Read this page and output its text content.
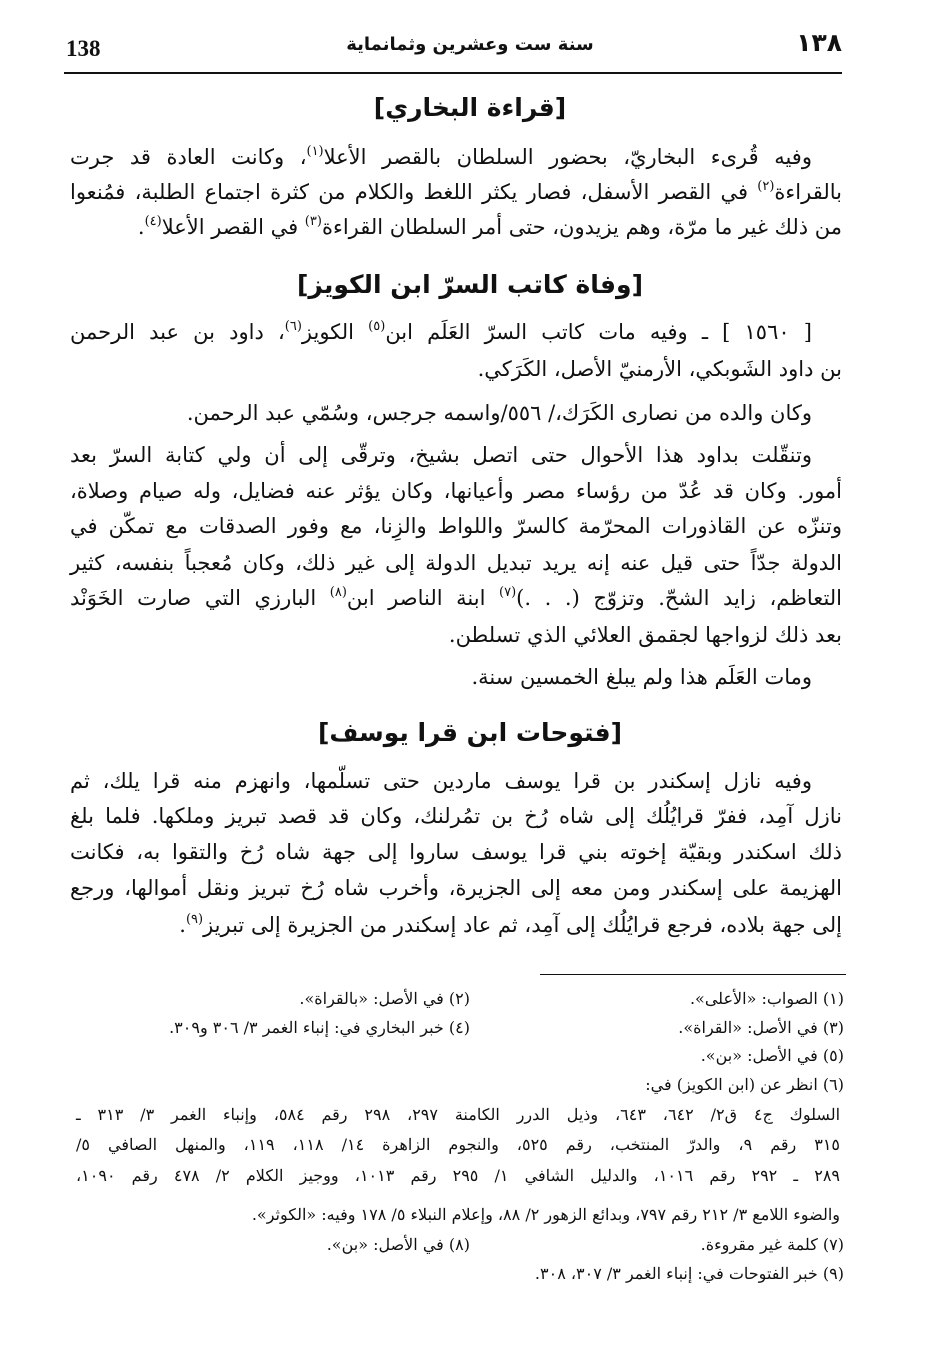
138	سنة ست وعشرين وثمانماية	١٣٨
[قراءة البخاري]
وفيه قُرىء البخاريّ، بحضور السلطان بالقصر الأعلا$^{(١)}$، وكانت العادة قد جرت
بالقراءة$^{(٢)}$ في القصر الأسفل، فصار يكثر اللغط والكلام من كثرة اجتماع الطلبة، فمُنعوا
من ذلك غير ما مرّة، وهم يزيدون، حتى أمر السلطان القراءة$^{(٣)}$ في القصر الأعلا$^{(٤)}$.
[وفاة كاتب السرّ ابن الكويز]
[ ١٥٦٠ ] ـ وفيه مات كاتب السرّ العَلَم ابن$^{(٥)}$ الكويز$^{(٦)}$، داود بن عبد الرحمن
بن داود الشَوبكي، الأرمنيّ الأصل، الكَرَكي.
وكان والده من نصارى الكَرَك،/ ٥٥٦/واسمه جرجس، وسُمّي عبد الرحمن.
وتنقّلت بداود هذا الأحوال حتى اتصل بشيخ، وترقّى إلى أن ولي كتابة السرّ بعد
أمور. وكان قد عُدّ من رؤساء مصر وأعيانها، وكان يؤثر عنه فضايل، وله صيام وصلاة،
وتنزّه عن القاذورات المحرّمة كالسرّ واللواط والزِنا، مع وفور الصدقات مع تمكّن في
الدولة جدّاً حتى قيل عنه إنه يريد تبديل الدولة إلى غير ذلك، وكان مُعجباً بنفسه، كثير
التعاظم، زايد الشحّ. وتزوّج (. . .)$^{(٧)}$ ابنة الناصر ابن$^{(٨)}$ البارزي التي صارت الخَوَنْد
بعد ذلك لزواجها لجقمق العلائي الذي تسلطن.
ومات العَلَم هذا ولم يبلغ الخمسين سنة.
[فتوحات ابن قرا يوسف]
وفيه نازل إسكندر بن قرا يوسف ماردين حتى تسلّمها، وانهزم منه قرا يلك، ثم
نازل آمِد، ففرّ قرايُلُك إلى شاه رُخ بن تمُرلنك، وكان قد قصد تبريز وملكها. فلما بلغ
ذلك اسكندر وبقيّة إخوته بني قرا يوسف ساروا إلى جهة شاه رُخ والتقوا به، فكانت
الهزيمة على إسكندر ومن معه إلى الجزيرة، وأخرب شاه رُخ تبريز ونقل أموالها، ورجع
إلى جهة بلاده، فرجع قرايُلُك إلى آمِد، ثم عاد إسكندر من الجزيرة إلى تبريز$^{(٩)}$.
(١) الصواب: «الأعلى».
(٢) في الأصل: «بالقراة».
(٣) في الأصل: «القراة».
(٤) خبر البخاري في: إنباء الغمر ٣/ ٣٠٦ و٣٠٩.
(٥) في الأصل: «بن».
(٦) انظر عن (ابن الكويز) في:
السلوك ج٤ ق٢/ ٦٤٢، ٦٤٣، وذيل الدرر الكامنة ٢٩٧، ٢٩٨ رقم ٥٨٤، وإنباء الغمر ٣/ ٣١٣ ـ
٣١٥ رقم ٩، والدرّ المنتخب، رقم ٥٢٥، والنجوم الزاهرة ١٤/ ١١٨، ١١٩، والمنهل الصافي ٥/
٢٨٩ ـ ٢٩٢ رقم ١٠١٦، والدليل الشافي ١/ ٢٩٥ رقم ١٠١٣، ووجيز الكلام ٢/ ٤٧٨ رقم ١٠٩٠،
والضوء اللامع ٣/ ٢١٢ رقم ٧٩٧، وبدائع الزهور ٢/ ٨٨، وإعلام النبلاء ٥/ ١٧٨ وفيه: «الكوثر».
(٧) كلمة غير مقروءة.
(٨) في الأصل: «بن».
(٩) خبر الفتوحات في: إنباء الغمر ٣/ ٣٠٧، ٣٠٨.
